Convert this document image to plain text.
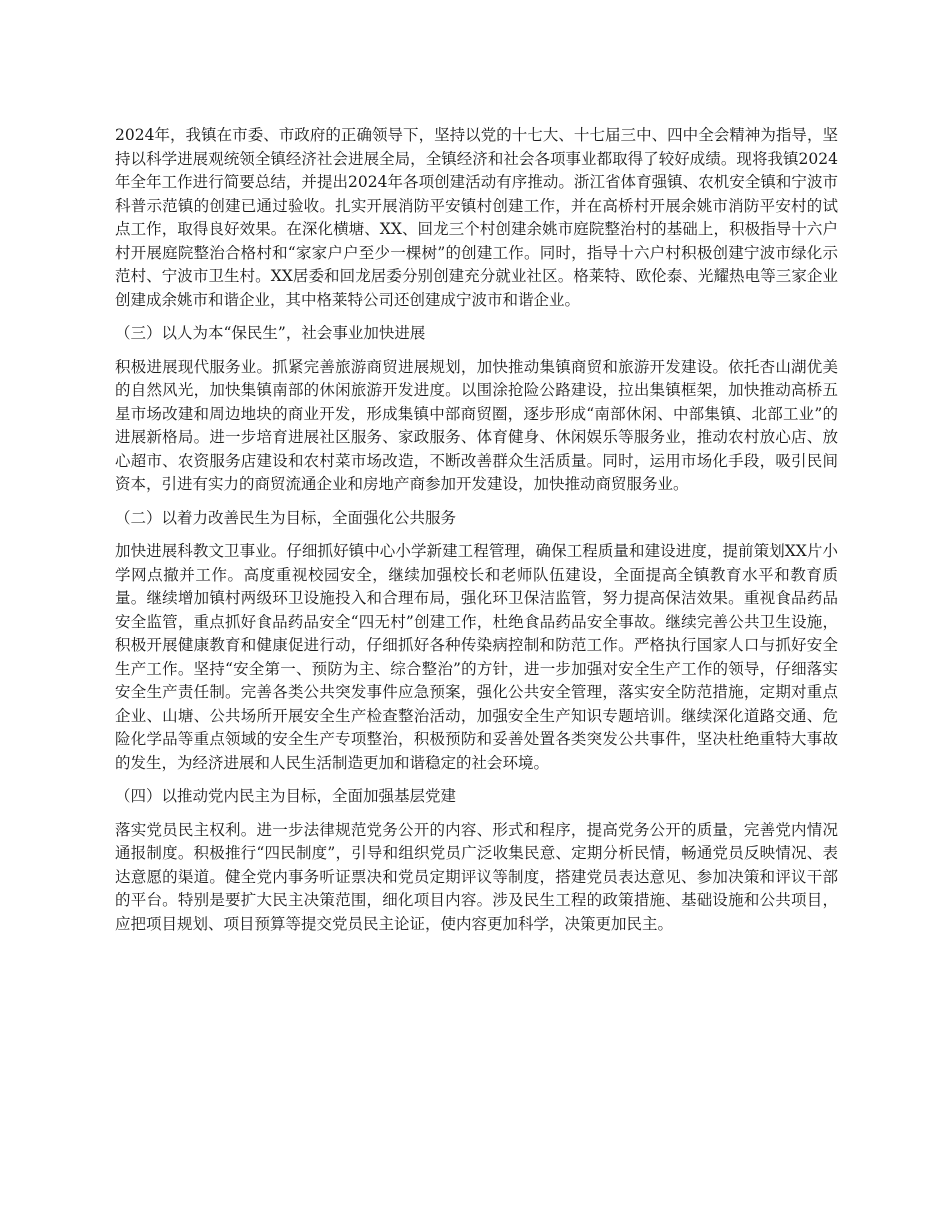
2024年，我镇在市委、市政府的正确领导下，坚持以党的十七大、十七届三中、四中全会精神为指导，坚持以科学进展观统领全镇经济社会进展全局，全镇经济和社会各项事业都取得了较好成绩。现将我镇2024年全年工作进行简要总结，并提出2024年各项创建活动有序推动。浙江省体育强镇、农机安全镇和宁波市科普示范镇的创建已通过验收。扎实开展消防平安镇村创建工作，并在高桥村开展余姚市消防平安村的试点工作，取得良好效果。在深化横塘、XX、回龙三个村创建余姚市庭院整治村的基础上，积极指导十六户村开展庭院整治合格村和“家家户户至少一棵树”的创建工作。同时，指导十六户村积极创建宁波市绿化示范村、宁波市卫生村。XX居委和回龙居委分别创建充分就业社区。格莱特、欧伦泰、光耀热电等三家企业创建成余姚市和谐企业，其中格莱特公司还创建成宁波市和谐企业。

（三）以人为本“保民生”，社会事业加快进展

积极进展现代服务业。抓紧完善旅游商贸进展规划，加快推动集镇商贸和旅游开发建设。依托杏山湖优美的自然风光，加快集镇南部的休闲旅游开发进度。以围涂抢险公路建设，拉出集镇框架，加快推动高桥五星市场改建和周边地块的商业开发，形成集镇中部商贸圈，逐步形成“南部休闲、中部集镇、北部工业”的进展新格局。进一步培育进展社区服务、家政服务、体育健身、休闲娱乐等服务业，推动农村放心店、放心超市、农资服务店建设和农村菜市场改造，不断改善群众生活质量。同时，运用市场化手段，吸引民间资本，引进有实力的商贸流通企业和房地产商参加开发建设，加快推动商贸服务业。

（二）以着力改善民生为目标，全面强化公共服务

加快进展科教文卫事业。仔细抓好镇中心小学新建工程管理，确保工程质量和建设进度，提前策划XX片小学网点撤并工作。高度重视校园安全，继续加强校长和老师队伍建设，全面提高全镇教育水平和教育质量。继续增加镇村两级环卫设施投入和合理布局，强化环卫保洁监管，努力提高保洁效果。重视食品药品安全监管，重点抓好食品药品安全“四无村”创建工作，杜绝食品药品安全事故。继续完善公共卫生设施，积极开展健康教育和健康促进行动，仔细抓好各种传染病控制和防范工作。严格执行国家人口与抓好安全生产工作。坚持“安全第一、预防为主、综合整治”的方针，进一步加强对安全生产工作的领导，仔细落实安全生产责任制。完善各类公共突发事件应急预案，强化公共安全管理，落实安全防范措施，定期对重点企业、山塘、公共场所开展安全生产检查整治活动，加强安全生产知识专题培训。继续深化道路交通、危险化学品等重点领域的安全生产专项整治，积极预防和妥善处置各类突发公共事件，坚决杜绝重特大事故的发生，为经济进展和人民生活制造更加和谐稳定的社会环境。

（四）以推动党内民主为目标，全面加强基层党建

落实党员民主权利。进一步法律规范党务公开的内容、形式和程序，提高党务公开的质量，完善党内情况通报制度。积极推行“四民制度”，引导和组织党员广泛收集民意、定期分析民情，畅通党员反映情况、表达意愿的渠道。健全党内事务听证票决和党员定期评议等制度，搭建党员表达意见、参加决策和评议干部的平台。特别是要扩大民主决策范围，细化项目内容。涉及民生工程的政策措施、基础设施和公共项目，应把项目规划、项目预算等提交党员民主论证，使内容更加科学，决策更加民主。
